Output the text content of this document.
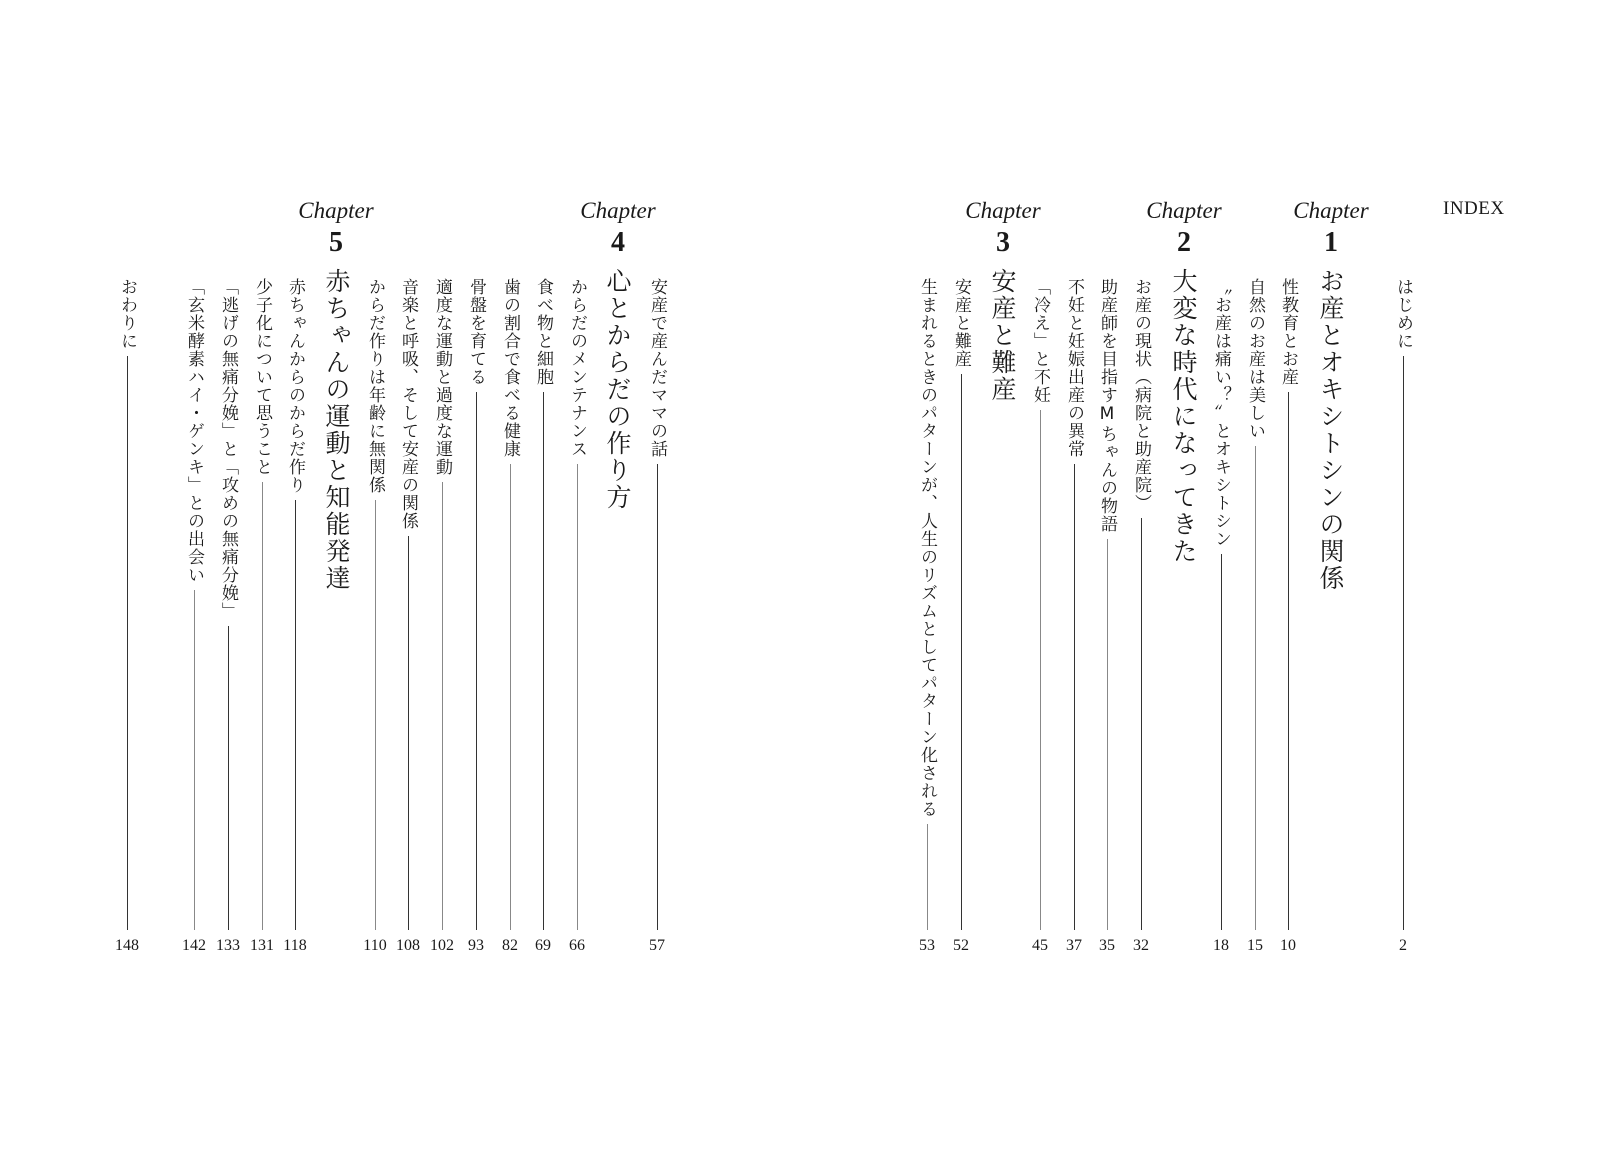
INDEX
はじめに
2
Chapter
1
お産とオキシトシンの関係
性教育とお産
10
自然のお産は美しい
15
〝お産は痛い？〟とオキシトシン
18
Chapter
2
大変な時代になってきた
お産の現状（病院と助産院）
32
助産師を目指すMちゃんの物語
35
不妊と妊娠出産の異常
37
「冷え」と不妊
45
Chapter
3
安産と難産
安産と難産
52
生まれるときのパターンが、人生のリズムとしてパターン化される
53
Chapter
4
心とからだの作り方 安産で産んだママの話
57
からだのメンテナンス
66
食べ物と細胞
69
歯の割合で食べる健康
82
骨盤を育てる
93
適度な運動と過度な運動
102
音楽と呼吸、そして安産の関係
108
からだ作りは年齢に無関係
110
Chapter
5
赤ちゃんの運動と知能発達
赤ちゃんからのからだ作り
118
少子化について思うこと
131
「逃げの無痛分娩」と「攻めの無痛分娩」
133
「玄米酵素ハイ・ゲンキ」との出会い
142
おわりに
148
